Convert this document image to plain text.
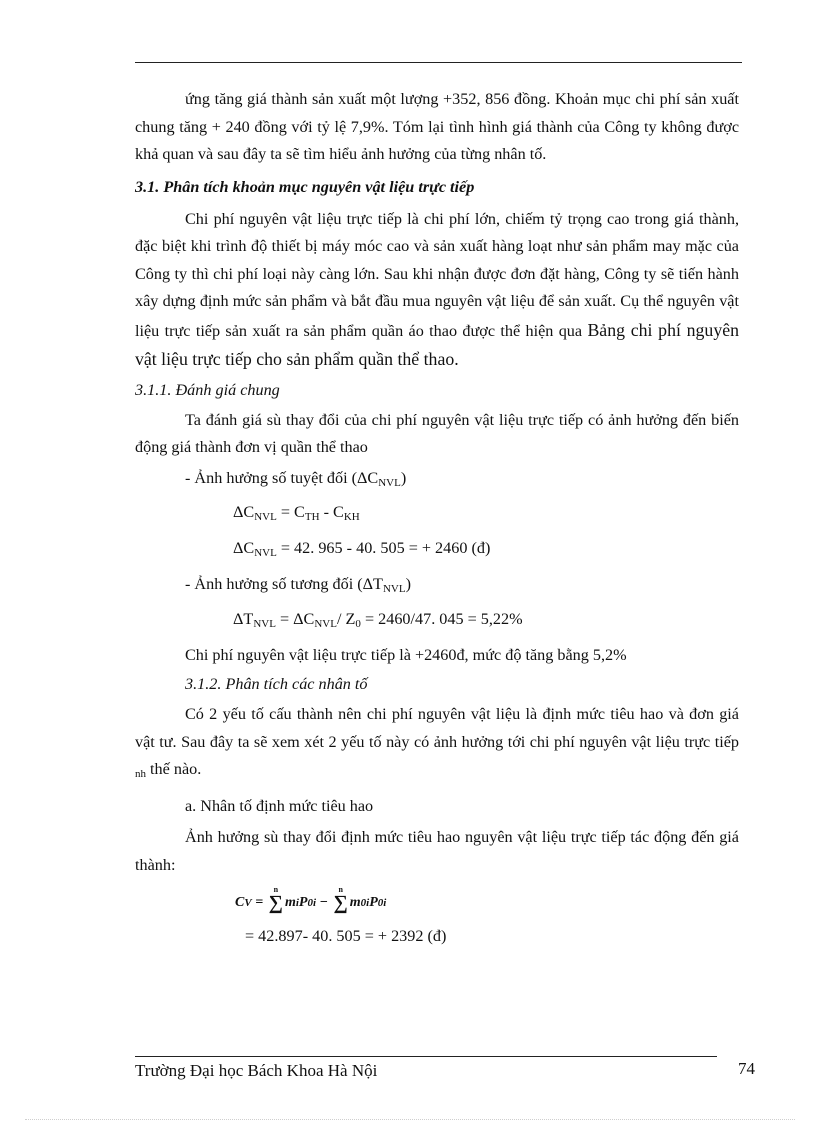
ứng tăng giá thành sản xuất một lượng +352, 856 đồng. Khoản mục chi phí sản xuất chung tăng + 240 đồng với tỷ lệ 7,9%. Tóm lại tình hình giá thành của Công ty không được khả quan và sau đây ta sẽ tìm hiểu ảnh hưởng của từng nhân tố.

3.1. Phân tích khoản mục nguyên vật liệu trực tiếp

Chi phí nguyên vật liệu trực tiếp là chi phí lớn, chiếm tỷ trọng cao trong giá thành, đặc biệt khi trình độ thiết bị máy móc cao và sản xuất hàng loạt như sản phẩm may mặc của Công ty thì chi phí loại này càng lớn. Sau khi nhận được đơn đặt hàng, Công ty sẽ tiến hành xây dựng định mức sản phẩm và bắt đầu mua nguyên vật liệu để sản xuất. Cụ thể nguyên vật liệu trực tiếp sản xuất ra sản phẩm quần áo thao được thể hiện qua Bảng chi phí nguyên vật liệu trực tiếp cho sản phẩm quần thể thao.

3.1.1. Đánh giá chung

Ta đánh giá sù thay đổi của chi phí nguyên vật liệu trực tiếp có ảnh hưởng đến biến động giá thành đơn vị quần thể thao

- Ảnh hưởng số tuyệt đối $(\Delta C_{NVL})$

$\Delta C_{NVL} = C_{TH} - C_{KH}$

$\Delta C_{NVL} = 42$. 965 - 40. 505 = + 2460 (đ)

- Ảnh hưởng số tương đối $(\Delta T_{NVL})$

$\Delta T_{NVL} = \Delta C_{NVL}/$ $Z_0 = 2460/47$. 045 = 5,22%

Chi phí nguyên vật liệu trực tiếp là +2460đ, mức độ tăng bằng 5,2%

3.1.2. Phân tích các nhân tố

Có 2 yếu tố cấu thành nên chi phí nguyên vật liệu là định mức tiêu hao và đơn giá vật tư. Sau đây ta sẽ xem xét 2 yếu tố này có ảnh hưởng tới chi phí nguyên vật liệu trực tiếp $_{nh}$ thế nào.

a. Nhân tố định mức tiêu hao

Ảnh hưởng sù thay đổi định mức tiêu hao nguyên vật liệu trực tiếp tác động đến giá thành:

C V = ∑
n
m i P 0i − ∑
n
m 0i P 0i

= 42.897- 40. 505 = + 2392 (đ)

Trường Đại học Bách Khoa Hà Nội	74
